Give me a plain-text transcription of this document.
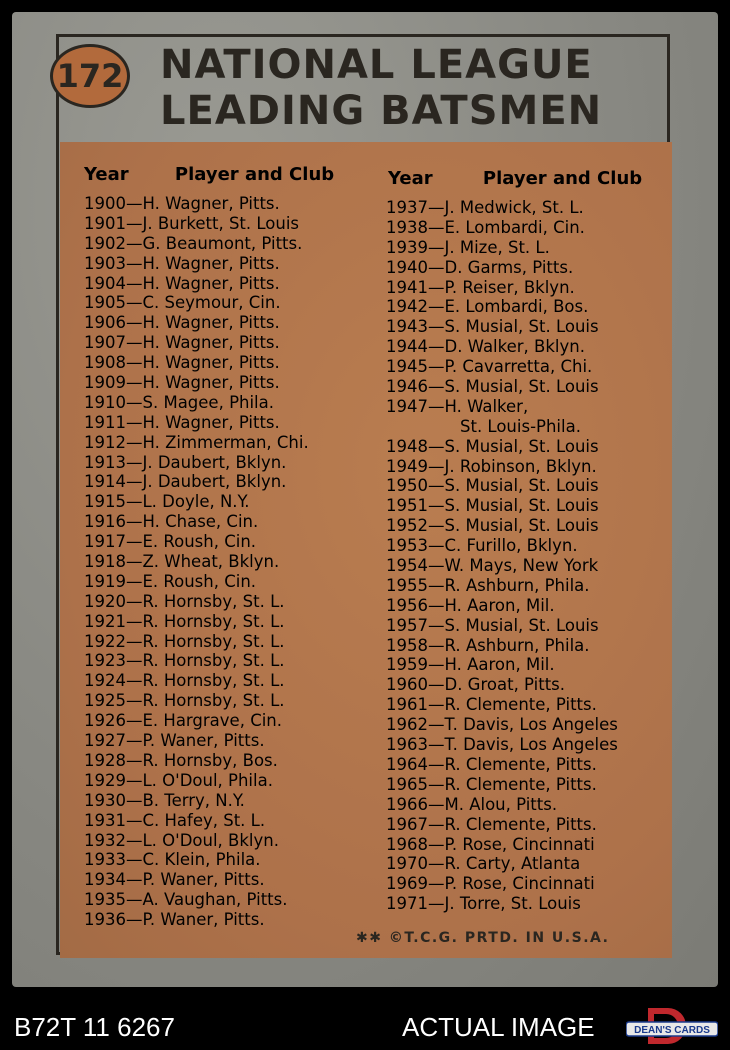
172 NATIONAL LEAGUE
LEADING BATSMEN
Year	Player and Club	Year	Player and Club
1900—H. Wagner, Pitts.
1901—J. Burkett, St. Louis
1902—G. Beaumont, Pitts.
1903—H. Wagner, Pitts.
1904—H. Wagner, Pitts.
1905—C. Seymour, Cin.
1906—H. Wagner, Pitts.
1907—H. Wagner, Pitts.
1908—H. Wagner, Pitts.
1909—H. Wagner, Pitts.
1910—S. Magee, Phila.
1911—H. Wagner, Pitts.
1912—H. Zimmerman, Chi.
1913—J. Daubert, Bklyn.
1914—J. Daubert, Bklyn.
1915—L. Doyle, N.Y.
1916—H. Chase, Cin.
1917—E. Roush, Cin.
1918—Z. Wheat, Bklyn.
1919—E. Roush, Cin.
1920—R. Hornsby, St. L.
1921—R. Hornsby, St. L.
1922—R. Hornsby, St. L.
1923—R. Hornsby, St. L.
1924—R. Hornsby, St. L.
1925—R. Hornsby, St. L.
1926—E. Hargrave, Cin.
1927—P. Waner, Pitts.
1928—R. Hornsby, Bos.
1929—L. O'Doul, Phila.
1930—B. Terry, N.Y.
1931—C. Hafey, St. L.
1932—L. O'Doul, Bklyn.
1933—C. Klein, Phila.
1934—P. Waner, Pitts.
1935—A. Vaughan, Pitts.
1936—P. Waner, Pitts.
1937—J. Medwick, St. L.
1938—E. Lombardi, Cin.
1939—J. Mize, St. L.
1940—D. Garms, Pitts.
1941—P. Reiser, Bklyn.
1942—E. Lombardi, Bos.
1943—S. Musial, St. Louis
1944—D. Walker, Bklyn.
1945—P. Cavarretta, Chi.
1946—S. Musial, St. Louis
1947—H. Walker,
St. Louis-Phila.
1948—S. Musial, St. Louis
1949—J. Robinson, Bklyn.
1950—S. Musial, St. Louis
1951—S. Musial, St. Louis
1952—S. Musial, St. Louis
1953—C. Furillo, Bklyn.
1954—W. Mays, New York
1955—R. Ashburn, Phila.
1956—H. Aaron, Mil.
1957—S. Musial, St. Louis
1958—R. Ashburn, Phila.
1959—H. Aaron, Mil.
1960—D. Groat, Pitts.
1961—R. Clemente, Pitts.
1962—T. Davis, Los Angeles
1963—T. Davis, Los Angeles
1964—R. Clemente, Pitts.
1965—R. Clemente, Pitts.
1966—M. Alou, Pitts.
1967—R. Clemente, Pitts.
1968—P. Rose, Cincinnati
1970—R. Carty, Atlanta
1969—P. Rose, Cincinnati
1971—J. Torre, St. Louis
✱✱ ©T.C.G. PRTD. IN U.S.A.
B72T 11 6267	ACTUAL IMAGE	DEAN'S CARDS
